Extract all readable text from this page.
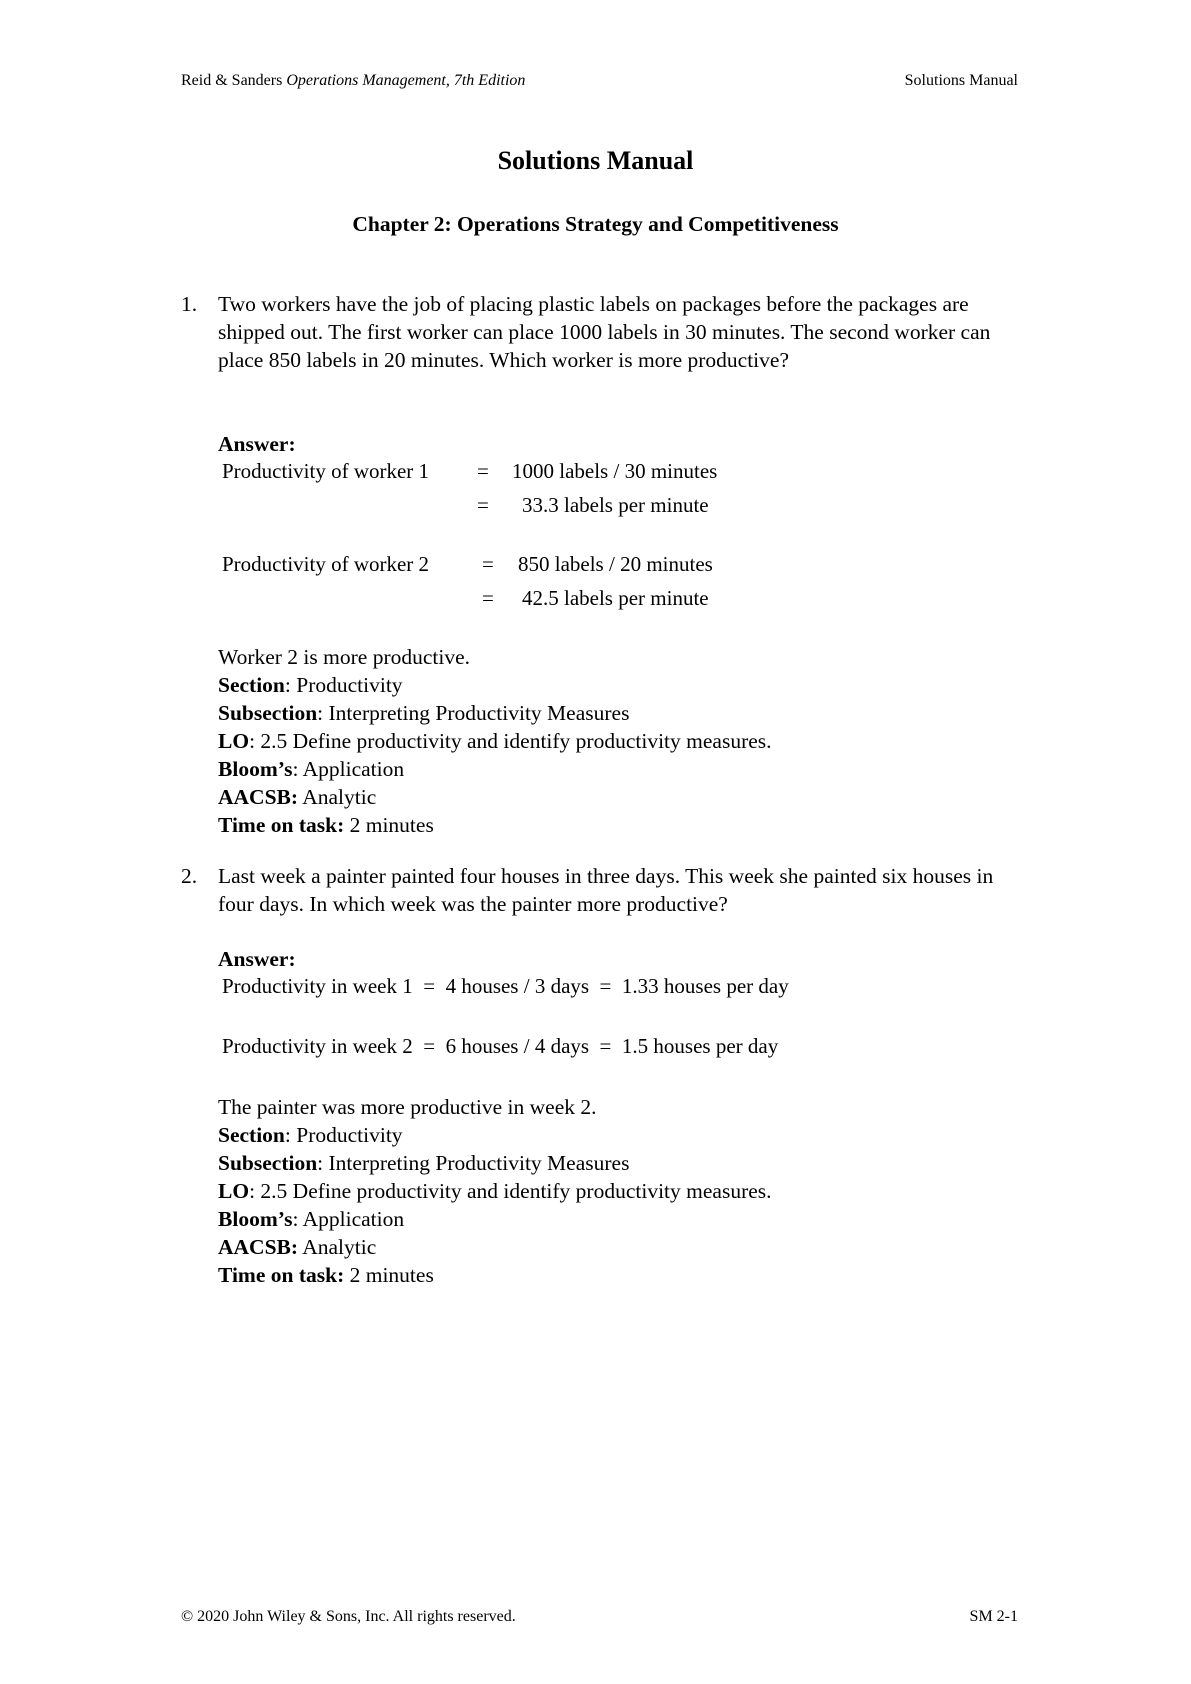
Reid & Sanders Operations Management, 7th Edition	Solutions Manual
Solutions Manual
Chapter 2: Operations Strategy and Competitiveness
1. Two workers have the job of placing plastic labels on packages before the packages are shipped out. The first worker can place 1000 labels in 30 minutes. The second worker can place 850 labels in 20 minutes. Which worker is more productive?
Answer:
Productivity of worker 1 = 1000 labels / 30 minutes
= 33.3 labels per minute
Productivity of worker 2	= 850 labels / 20 minutes
= 42.5 labels per minute
Worker 2 is more productive.
Section: Productivity
Subsection: Interpreting Productivity Measures
LO: 2.5 Define productivity and identify productivity measures.
Bloom’s: Application
AACSB: Analytic
Time on task: 2 minutes
2. Last week a painter painted four houses in three days. This week she painted six houses in four days. In which week was the painter more productive?
Answer:
Productivity in week 1  =  4 houses / 3 days  =  1.33 houses per day
Productivity in week 2  =  6 houses / 4 days  =  1.5 houses per day
The painter was more productive in week 2.
Section: Productivity
Subsection: Interpreting Productivity Measures
LO: 2.5 Define productivity and identify productivity measures.
Bloom’s: Application
AACSB: Analytic
Time on task: 2 minutes
© 2020 John Wiley & Sons, Inc. All rights reserved.	SM 2-1
